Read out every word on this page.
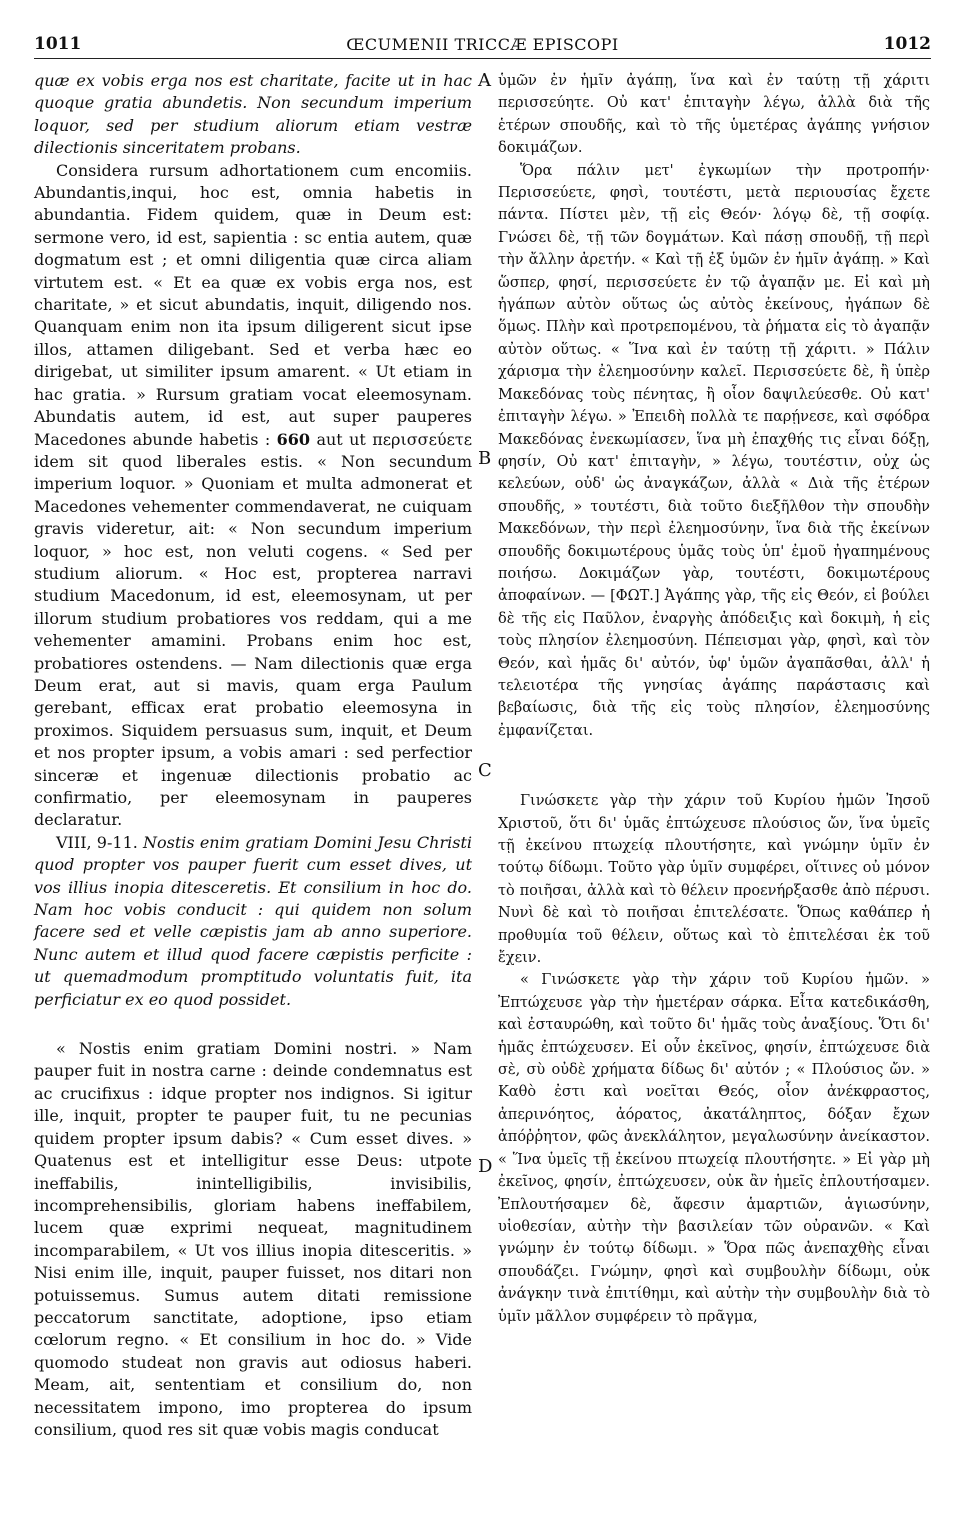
1011	ŒCUMENII TRICCÆ EPISCOPI	1012
A
B
C
D

quæ ex vobis erga nos est charitate, facite ut in hac quoque gratia abundetis. Non secundum imperium loquor, sed per studium aliorum etiam vestræ dilectionis sinceritatem probans.

Considera rursum adhortationem cum encomiis. Abundantis,inqui, hoc est, omnia habetis in abundantia. Fidem quidem, quæ in Deum est: sermone vero, id est, sapientia : sc entia autem, quæ dogmatum est ; et omni diligentia quæ circa aliam virtutem est. « Et ea quæ ex vobis erga nos, est charitate, » et sicut abundatis, inquit, diligendo nos. Quanquam enim non ita ipsum diligerent sicut ipse illos, attamen diligebant. Sed et verba hæc eo dirigebat, ut similiter ipsum amarent. « Ut etiam in hac gratia. » Rursum gratiam vocat eleemosynam. Abundatis autem, id est, aut super pauperes Macedones abunde habetis : 660 aut ut περισσεύετε idem sit quod liberales estis. « Non secundum imperium loquor. » Quoniam et multa admonerat et Macedones vehementer commendaverat, ne cuiquam gravis videretur, ait: « Non secundum imperium loquor, » hoc est, non veluti cogens. « Sed per studium aliorum. « Hoc est, propterea narravi studium Macedonum, id est, eleemosynam, ut per illorum studium probatiores vos reddam, qui a me vehementer amamini. Probans enim hoc est, probatiores ostendens. — Nam dilectionis quæ erga Deum erat, aut si mavis, quam erga Paulum gerebant, efficax erat probatio eleemosyna in proximos. Siquidem persuasus sum, inquit, et Deum et nos propter ipsum, a vobis amari : sed perfectior sinceræ et ingenuæ dilectionis probatio ac confirmatio, per eleemosynam in pauperes declaratur.

VIII, 9-11. Nostis enim gratiam Domini Jesu Christi quod propter vos pauper fuerit cum esset dives, ut vos illius inopia ditesceretis. Et consilium in hoc do. Nam hoc vobis conducit : qui quidem non solum facere sed et velle cæpistis jam ab anno superiore. Nunc autem et illud quod facere cæpistis perficite : ut quemadmodum promptitudo voluntatis fuit, ita perficiatur ex eo quod possidet.

« Nostis enim gratiam Domini nostri. » Nam pauper fuit in nostra carne : deinde condemnatus est ac crucifixus : idque propter nos indignos. Si igitur ille, inquit, propter te pauper fuit, tu ne pecunias quidem propter ipsum dabis? « Cum esset dives. » Quatenus est et intelligitur esse Deus: utpote ineffabilis, inintelligibilis, invisibilis, incomprehensibilis, gloriam habens ineffabilem, lucem quæ exprimi nequeat, magnitudinem incomparabilem, « Ut vos illius inopia ditesceritis. » Nisi enim ille, inquit, pauper fuisset, nos ditari non potuissemus. Sumus autem ditati remissione peccatorum sanctitate, adoptione, ipso etiam cœlorum regno. « Et consilium in hoc do. » Vide quomodo studeat non gravis aut odiosus haberi. Meam, ait, sententiam et consilium do, non necessitatem impono, imo propterea do ipsum consilium, quod res sit quæ vobis magis conducat

ὑμῶν ἐν ἡμῖν ἀγάπῃ, ἵνα καὶ ἐν ταύτῃ τῇ χάριτι περισσεύητε. Οὐ κατ' ἐπιταγὴν λέγω, ἀλλὰ διὰ τῆς ἑτέρων σπουδῆς, καὶ τὸ τῆς ὑμετέρας ἀγάπης γνήσιον δοκιμάζων.

Ὅρα πάλιν μετ' ἐγκωμίων τὴν προτροπήν· Περισσεύετε, φησὶ, τουτέστι, μετὰ περιουσίας ἔχετε πάντα. Πίστει μὲν, τῇ εἰς Θεόν· λόγῳ δὲ, τῇ σοφίᾳ. Γνώσει δὲ, τῇ τῶν δογμάτων. Καὶ πάσῃ σπουδῇ, τῇ περὶ τὴν ἄλλην ἀρετήν. « Καὶ τῇ ἐξ ὑμῶν ἐν ἡμῖν ἀγάπῃ. » Καὶ ὥσπερ, φησί, περισσεύετε ἐν τῷ ἀγαπᾷν με. Εἰ καὶ μὴ ἠγάπων αὐτὸν οὕτως ὡς αὐτὸς ἐκείνους, ἠγάπων δὲ ὅμως. Πλὴν καὶ προτρεπομένου, τὰ ῥήματα εἰς τὸ ἀγαπᾷν αὐτὸν οὕτως. « Ἵνα καὶ ἐν ταύτῃ τῇ χάριτι. » Πάλιν χάρισμα τὴν ἐλεημοσύνην καλεῖ. Περισσεύετε δὲ, ἢ ὑπὲρ Μακεδόνας τοὺς πένητας, ἢ οἷον δαψιλεύεσθε. Οὐ κατ' ἐπιταγὴν λέγω. » Ἐπειδὴ πολλὰ τε παρῄνεσε, καὶ σφόδρα Μακεδόνας ἐνεκωμίασεν, ἵνα μὴ ἐπαχθής τις εἶναι δόξῃ, φησίν, Οὐ κατ' ἐπιταγὴν, » λέγω, τουτέστιν, οὐχ ὡς κελεύων, οὐδ' ὡς ἀναγκάζων, ἀλλὰ « Διὰ τῆς ἑτέρων σπουδῆς, » τουτέστι, διὰ τοῦτο διεξῆλθον τὴν σπουδὴν Μακεδόνων, τὴν περὶ ἐλεημοσύνην, ἵνα διὰ τῆς ἐκείνων σπουδῆς δοκιμωτέρους ὑμᾶς τοὺς ὑπ' ἐμοῦ ἠγαπημένους ποιήσω. Δοκιμάζων γὰρ, τουτέστι, δοκιμωτέρους ἀποφαίνων. — [ΦΩΤ.] Ἀγάπης γὰρ, τῆς εἰς Θεόν, εἰ βούλει δὲ τῆς εἰς Παῦλον, ἐναργὴς ἀπόδειξις καὶ δοκιμὴ, ἡ εἰς τοὺς πλησίον ἐλεημοσύνη. Πέπεισμαι γὰρ, φησὶ, καὶ τὸν Θεόν, καὶ ἡμᾶς δι' αὐτόν, ὑφ' ὑμῶν ἀγαπᾶσθαι, ἀλλ' ἡ τελειοτέρα τῆς γνησίας ἀγάπης παράστασις καὶ βεβαίωσις, διὰ τῆς εἰς τοὺς πλησίον, ἐλεημοσύνης ἐμφανίζεται.

Γινώσκετε γὰρ τὴν χάριν τοῦ Κυρίου ἡμῶν Ἰησοῦ Χριστοῦ, ὅτι δι' ὑμᾶς ἐπτώχευσε πλούσιος ὤν, ἵνα ὑμεῖς τῇ ἐκείνου πτωχείᾳ πλουτήσητε, καὶ γνώμην ὑμῖν ἐν τούτῳ δίδωμι. Τοῦτο γὰρ ὑμῖν συμφέρει, οἵτινες οὐ μόνον τὸ ποιῆσαι, ἀλλὰ καὶ τὸ θέλειν προενήρξασθε ἀπὸ πέρυσι. Νυνὶ δὲ καὶ τὸ ποιῆσαι ἐπιτελέσατε. Ὅπως καθάπερ ἡ προθυμία τοῦ θέλειν, οὕτως καὶ τὸ ἐπιτελέσαι ἐκ τοῦ ἔχειν.

« Γινώσκετε γὰρ τὴν χάριν τοῦ Κυρίου ἡμῶν. » Ἐπτώχευσε γὰρ τὴν ἡμετέραν σάρκα. Εἶτα κατεδικάσθη, καὶ ἐσταυρώθη, καὶ τοῦτο δι' ἡμᾶς τοὺς ἀναξίους. Ὅτι δι' ἡμᾶς ἐπτώχευσεν. Εἰ οὖν ἐκεῖνος, φησίν, ἐπτώχευσε διὰ σὲ, σὺ οὐδὲ χρήματα δίδως δι' αὐτόν ; « Πλούσιος ὤν. » Καθὸ ἐστι καὶ νοεῖται Θεός, οἷον ἀνέκφραστος, ἀπερινόητος, ἀόρατος, ἀκατάληπτος, δόξαν ἔχων ἀπόῤῥητον, φῶς ἀνεκλάλητον, μεγαλωσύνην ἀνείκαστον. « Ἵνα ὑμεῖς τῇ ἐκείνου πτωχείᾳ πλουτήσητε. » Εἰ γὰρ μὴ ἐκεῖνος, φησίν, ἐπτώχευσεν, οὐκ ἂν ἡμεῖς ἐπλουτήσαμεν. Ἐπλουτήσαμεν δὲ, ἄφεσιν ἁμαρτιῶν, ἁγιωσύνην, υἱοθεσίαν, αὐτὴν τὴν βασιλείαν τῶν οὐρανῶν. « Καὶ γνώμην ἐν τούτῳ δίδωμι. » Ὅρα πῶς ἀνεπαχθὴς εἶναι σπουδάζει. Γνώμην, φησὶ καὶ συμβουλὴν δίδωμι, οὐκ ἀνάγκην τινὰ ἐπιτίθημι, καὶ αὐτὴν τὴν συμβουλὴν διὰ τὸ ὑμῖν μᾶλλον συμφέρειν τὸ πρᾶγμα,
